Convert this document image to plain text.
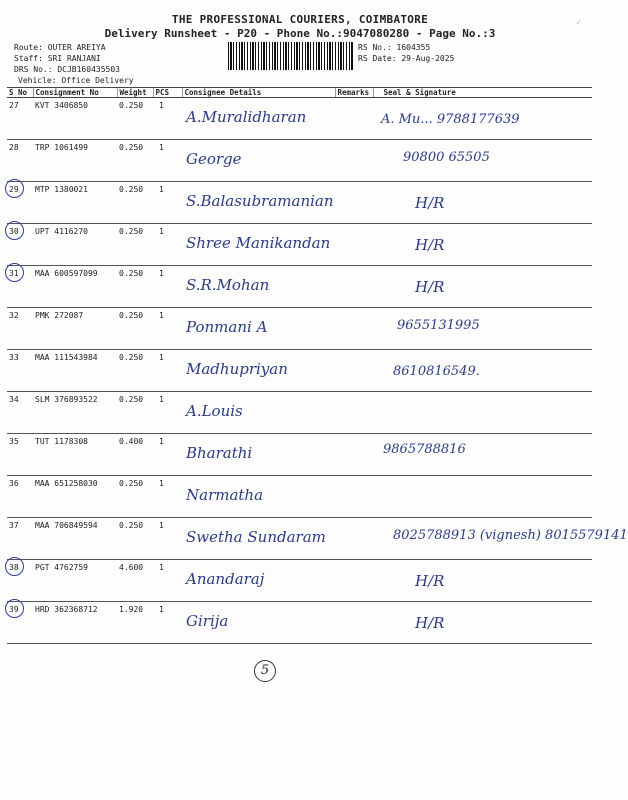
THE PROFESSIONAL COURIERS, COIMBATORE
Delivery Runsheet - P20 - Phone No.:9047080280 - Page No.:3
Route: OUTER AREIYA
Staff: SRI RANJANI
DRS No.: DCJB160435503
Vehicle: Office Delivery
RS No.: 1604355
RS Date: 29-Aug-2025
✓
S No	Consignment No	Weight	PCS	Consignee Details	Remarks	Seal & Signature
27	KVT 3406850	0.250	1	A.Muralidharan		A. Mu... 9788177639

28	TRP 1061499	0.250	1	George		90800 65505

29	MTP 1380021	0.250	1	S.Balasubramanian		H/R

30	UPT 4116270	0.250	1	Shree Manikandan		H/R

31	MAA 600597099	0.250	1	S.R.Mohan		H/R

32	PMK 272087	0.250	1	Ponmani A		9655131995

33	MAA 111543984	0.250	1	Madhupriyan		8610816549.

34	SLM 376893522	0.250	1	A.Louis		

35	TUT 1178308	0.400	1	Bharathi		9865788816

36	MAA 651258030	0.250	1	Narmatha		

37	MAA 706849594	0.250	1	Swetha Sundaram		8025788913 (vignesh) 8015579141

38	PGT 4762759	4.600	1	Anandaraj		H/R

39	HRD 362368712	1.920	1	Girija		H/R
5
